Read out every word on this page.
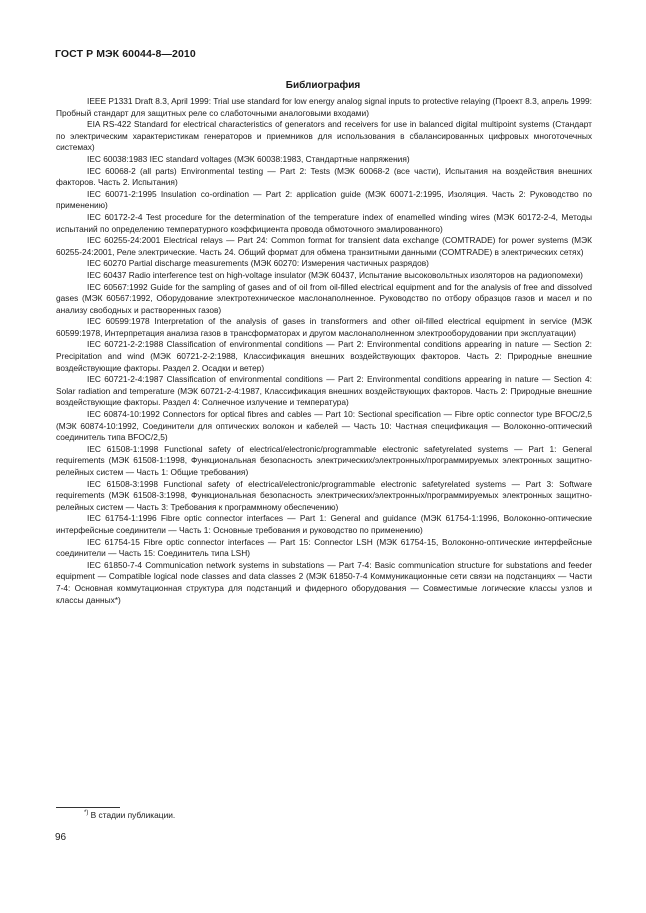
ГОСТ Р МЭК 60044-8—2010
Библиография

IEEE P1331 Draft 8.3, April 1999: Trial use standard for low energy analog signal inputs to protective relaying (Проект 8.3, апрель 1999: Пробный стандарт для защитных реле со слаботочными аналоговыми входами)

EIA RS-422 Standard for electrical characteristics of generators and receivers for use in balanced digital multipoint systems (Стандарт по электрическим характеристикам генераторов и приемников для использования в сбалансированных цифровых многоточечных системах)

IEC 60038:1983 IEC standard voltages (МЭК 60038:1983, Стандартные напряжения)

IEC 60068-2 (all parts) Environmental testing — Part 2: Tests (МЭК 60068-2 (все части), Испытания на воздействия внешних факторов. Часть 2. Испытания)

IEC 60071-2:1995 Insulation co-ordination — Part 2: application guide (МЭК 60071-2:1995, Изоляция. Часть 2: Руководство по применению)

IEC 60172-2-4 Test procedure for the determination of the temperature index of enamelled winding wires (МЭК 60172-2-4, Методы испытаний по определению температурного коэффициента провода обмоточного эмалированного)

IEC 60255-24:2001 Electrical relays — Part 24: Common format for transient data exchange (COMTRADE) for power systems (МЭК 60255-24:2001, Реле электрические. Часть 24. Общий формат для обмена транзитными данными (COMTRADE) в электрических сетях)

IEC 60270 Partial discharge measurements (МЭК 60270: Измерения частичных разрядов)

IEC 60437 Radio interference test on high-voltage insulator (МЭК 60437, Испытание высоковольтных изоляторов на радиопомехи)

IEC 60567:1992 Guide for the sampling of gases and of oil from oil-filled electrical equipment and for the analysis of free and dissolved gases (МЭК 60567:1992, Оборудование электротехническое маслонаполненное. Руководство по отбору образцов газов и масел и по анализу свободных и растворенных газов)

IEC 60599:1978 Interpretation of the analysis of gases in transformers and other oil-filled electrical equipment in service (МЭК 60599:1978, Интерпретация анализа газов в трансформаторах и другом маслонаполненном электрооборудовании при эксплуатации)

IEC 60721-2-2:1988 Classification of environmental conditions — Part 2: Environmental conditions appearing in nature — Section 2: Precipitation and wind (МЭК 60721-2-2:1988, Классификация внешних воздействующих факторов. Часть 2: Природные внешние воздействующие факторы. Раздел 2. Осадки и ветер)

IEC 60721-2-4:1987 Classification of environmental conditions — Part 2: Environmental conditions appearing in nature — Section 4: Solar radiation and temperature (МЭК 60721-2-4:1987, Классификация внешних воздействующих факторов. Часть 2: Природные внешние воздействующие факторы. Раздел 4: Солнечное излучение и температура)

IEC 60874-10:1992 Connectors for optical fibres and cables — Part 10: Sectional specification — Fibre optic connector type BFOC/2,5 (МЭК 60874-10:1992, Соединители для оптических волокон и кабелей — Часть 10: Частная спецификация — Волоконно-оптический соединитель типа BFOC/2,5)

IEC 61508-1:1998 Functional safety of electrical/electronic/programmable electronic safetyrelated systems — Part 1: General requirements (МЭК 61508-1:1998, Функциональная безопасность электрических/электронных/программируемых электронных защитно-релейных систем — Часть 1: Общие требования)

IEC 61508-3:1998 Functional safety of electrical/electronic/programmable electronic safetyrelated systems — Part 3: Software requirements (МЭК 61508-3:1998, Функциональная безопасность электрических/электронных/программируемых электронных защитно-релейных систем — Часть 3: Требования к программному обеспечению)

IEC 61754-1:1996 Fibre optic connector interfaces — Part 1: General and guidance (МЭК 61754-1:1996, Волоконно-оптические интерфейсные соединители — Часть 1: Основные требования и руководство по применению)

IEC 61754-15 Fibre optic connector interfaces — Part 15: Connector LSH (МЭК 61754-15, Волоконно-оптические интерфейсные соединители — Часть 15: Соединитель типа LSH)

IEC 61850-7-4 Communication network systems in substations — Part 7-4: Basic communication structure for substations and feeder equipment — Compatible logical node classes and data classes 2 (МЭК 61850-7-4 Коммуникационные сети связи на подстанциях — Части 7-4: Основная коммутационная структура для подстанций и фидерного оборудования — Совместимые логические классы узлов и классы данных*)

*) В стадии публикации.
96
